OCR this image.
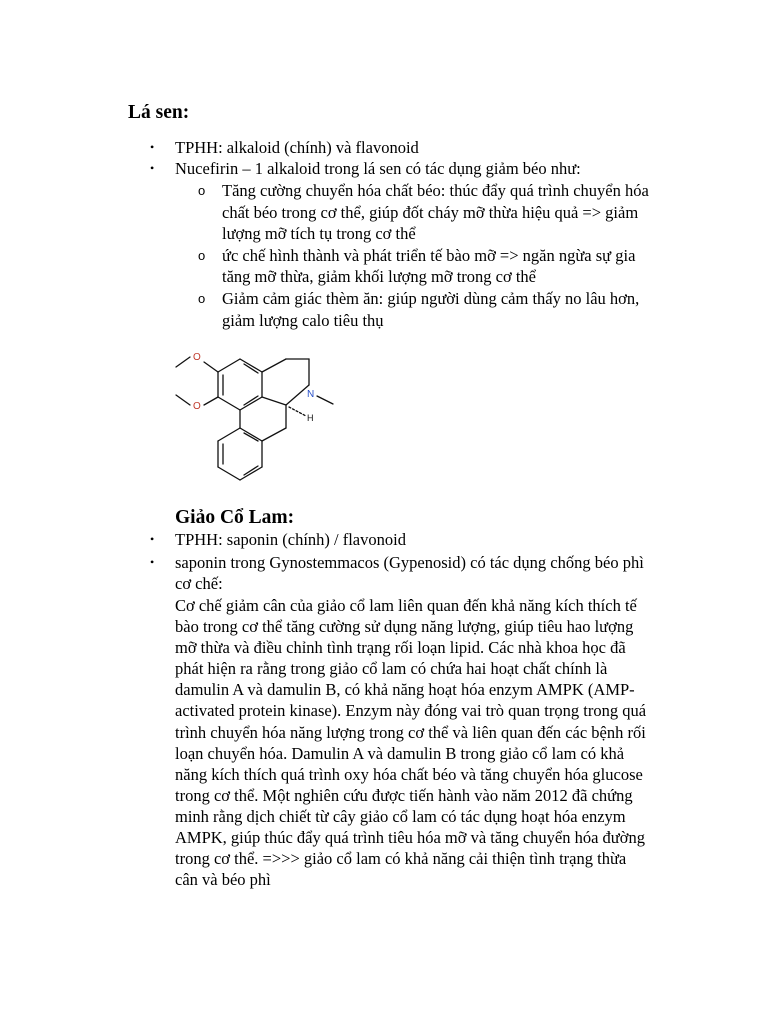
Lá sen:
• TPHH: alkaloid (chính) và flavonoid
• Nucefirin – 1 alkaloid trong lá sen có tác dụng giảm béo như:
o Tăng cường chuyển hóa chất béo: thúc đẩy quá trình chuyển hóa
chất béo trong cơ thể, giúp đốt cháy mỡ thừa hiệu quả => giảm
lượng mỡ tích tụ trong cơ thể
o ức chế hình thành và phát triển tế bào mỡ => ngăn ngừa sự gia
tăng mỡ thừa, giảm khối lượng mỡ trong cơ thể
o Giảm cảm giác thèm ăn: giúp người dùng cảm thấy no lâu hơn,
giảm lượng calo tiêu thụ
O
O
N
H
Giảo Cổ Lam:
• TPHH: saponin (chính) / flavonoid
• saponin trong Gynostemmacos (Gypenosid) có tác dụng chống béo phì
cơ chế:
Cơ chế giảm cân của giảo cổ lam liên quan đến khả năng kích thích tế
bào trong cơ thể tăng cường sử dụng năng lượng, giúp tiêu hao lượng
mỡ thừa và điều chỉnh tình trạng rối loạn lipid. Các nhà khoa học đã
phát hiện ra rằng trong giảo cổ lam có chứa hai hoạt chất chính là
damulin A và damulin B, có khả năng hoạt hóa enzym AMPK (AMP-
activated protein kinase). Enzym này đóng vai trò quan trọng trong quá
trình chuyển hóa năng lượng trong cơ thể và liên quan đến các bệnh rối
loạn chuyển hóa. Damulin A và damulin B trong giảo cổ lam có khả
năng kích thích quá trình oxy hóa chất béo và tăng chuyển hóa glucose
trong cơ thể. Một nghiên cứu được tiến hành vào năm 2012 đã chứng
minh rằng dịch chiết từ cây giảo cổ lam có tác dụng hoạt hóa enzym
AMPK, giúp thúc đẩy quá trình tiêu hóa mỡ và tăng chuyển hóa đường
trong cơ thể. =>>> giảo cổ lam có khả năng cải thiện tình trạng thừa
cân và béo phì
